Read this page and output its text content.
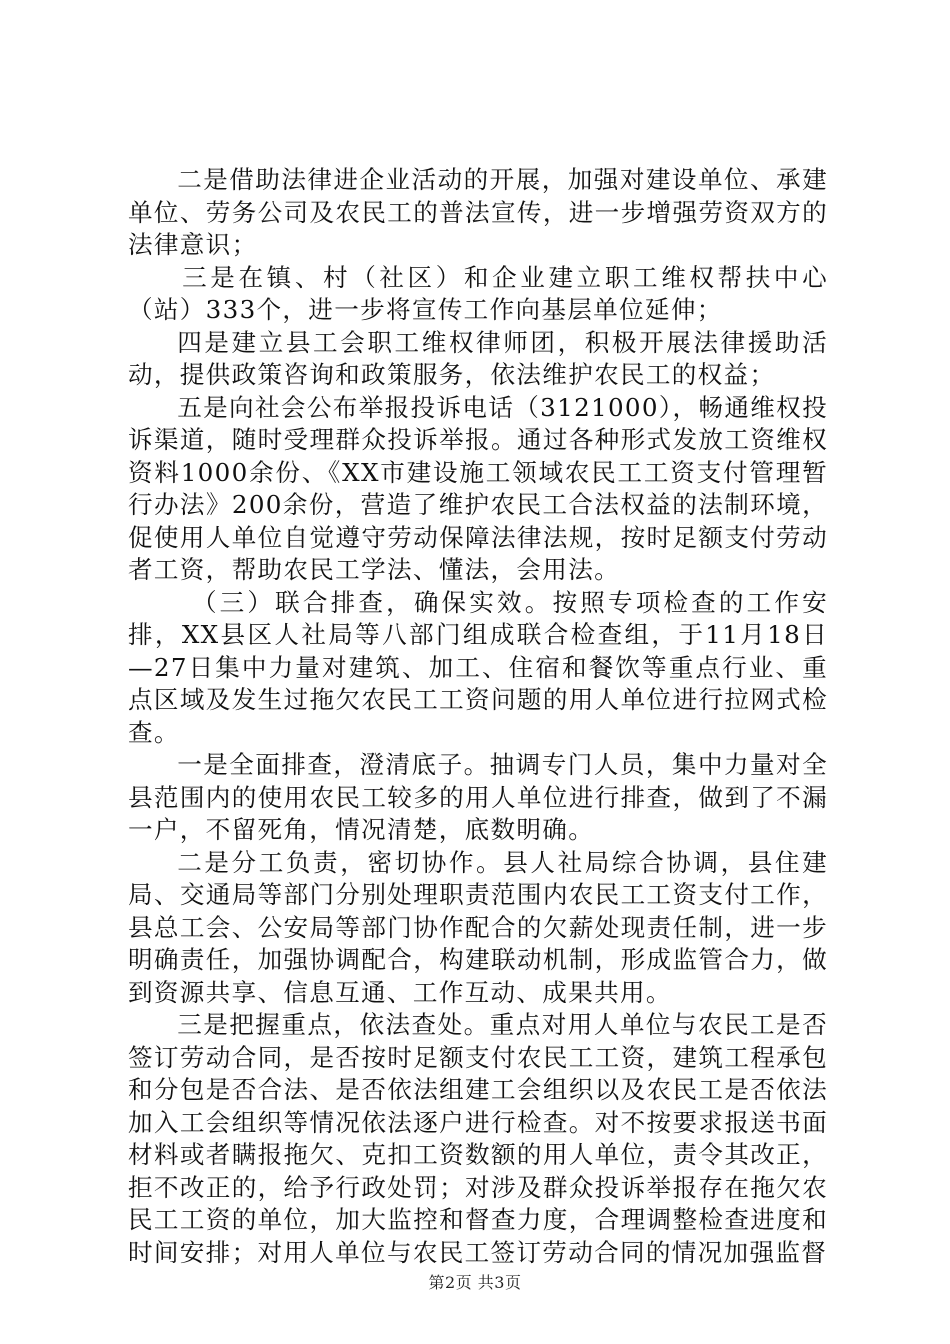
二是借助法律进企业活动的开展，加强对建设单位、承建单位、劳务公司及农民工的普法宣传，进一步增强劳资双方的法律意识；

三是在镇、村（社区）和企业建立职工维权帮扶中心（站）333个，进一步将宣传工作向基层单位延伸；

四是建立县工会职工维权律师团，积极开展法律援助活动，提供政策咨询和政策服务，依法维护农民工的权益；

五是向社会公布举报投诉电话（3121000），畅通维权投诉渠道，随时受理群众投诉举报。通过各种形式发放工资维权资料1000余份、《XX市建设施工领域农民工工资支付管理暂行办法》200余份，营造了维护农民工合法权益的法制环境，促使用人单位自觉遵守劳动保障法律法规，按时足额支付劳动者工资，帮助农民工学法、懂法，会用法。

（三）联合排查，确保实效。按照专项检查的工作安排，XX县区人社局等八部门组成联合检查组，于11月18日—27日集中力量对建筑、加工、住宿和餐饮等重点行业、重点区域及发生过拖欠农民工工资问题的用人单位进行拉网式检查。

一是全面排查，澄清底子。抽调专门人员，集中力量对全县范围内的使用农民工较多的用人单位进行排查，做到了不漏一户，不留死角，情况清楚，底数明确。

二是分工负责，密切协作。县人社局综合协调，县住建局、交通局等部门分别处理职责范围内农民工工资支付工作，县总工会、公安局等部门协作配合的欠薪处现责任制，进一步明确责任，加强协调配合，构建联动机制，形成监管合力，做到资源共享、信息互通、工作互动、成果共用。

三是把握重点，依法查处。重点对用人单位与农民工是否签订劳动合同，是否按时足额支付农民工工资，建筑工程承包和分包是否合法、是否依法组建工会组织以及农民工是否依法加入工会组织等情况依法逐户进行检查。对不按要求报送书面材料或者瞒报拖欠、克扣工资数额的用人单位，责令其改正，拒不改正的，给予行政处罚；对涉及群众投诉举报存在拖欠农民工工资的单位，加大监控和督查力度，合理调整检查进度和时间安排；对用人单位与农民工签订劳动合同的情况加强监督

第2页 共3页
